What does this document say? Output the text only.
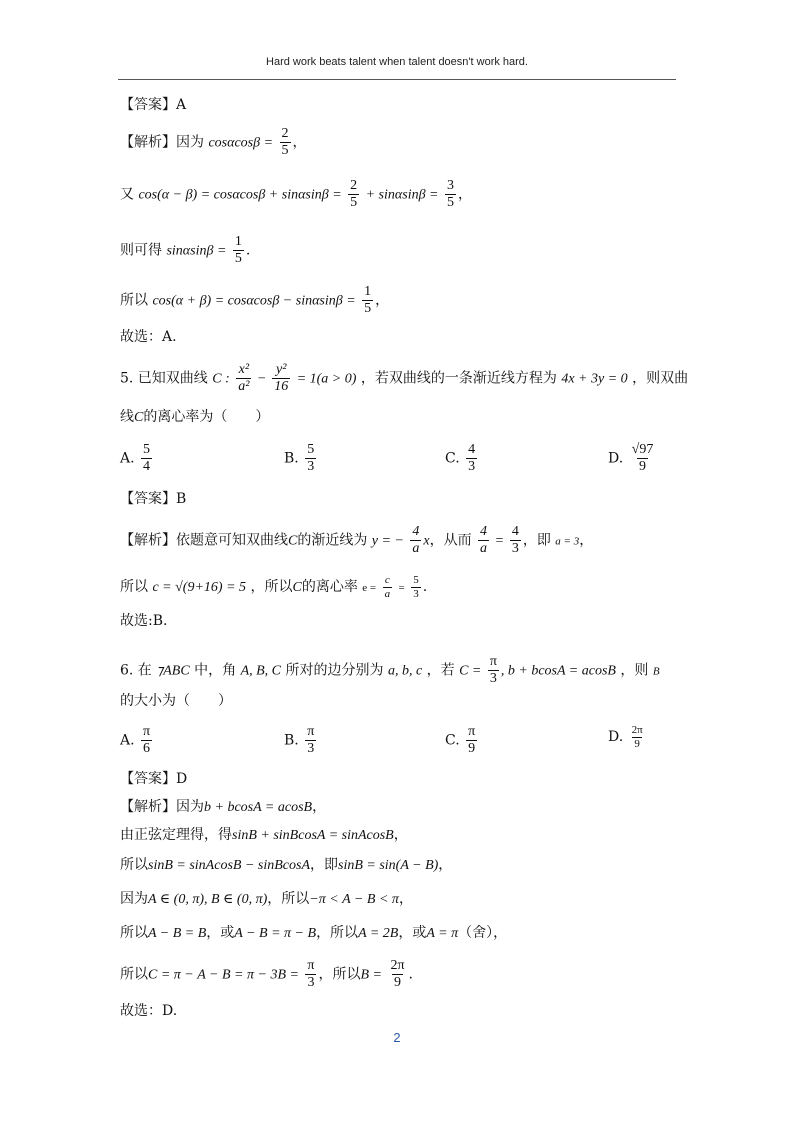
Hard work beats talent when talent doesn't work hard.
【答案】A
【解析】因为 $\cos\alpha\cos\beta = \frac{2}{5}$ ，
又 $\cos(\alpha - \beta) = \cos\alpha\cos\beta + \sin\alpha\sin\beta = \frac{2}{5} + \sin\alpha\sin\beta = \frac{3}{5}$ ，
则可得 $\sin\alpha\sin\beta = \frac{1}{5}$ .
所以 $\cos(\alpha + \beta) = \cos\alpha\cos\beta - \sin\alpha\sin\beta = \frac{1}{5}$ ，
故选：A.
5. 已知双曲线 C : $\frac{\text{x²}}{\text{a²}} - \frac{\text{y²}}{16} = 1(a > 0)$ ，若双曲线的一条渐近线方程为 4x + 3y = 0 ，则双曲
线C的离心率为（　　）
A. $\frac{5}{4}$	B. $\frac{5}{3}$	C. $\frac{4}{3}$	D. $\frac{√97}{9}$
【答案】B
【解析】依题意可知双曲线C的渐近线为 y = − $\frac{4}{a}$ x，从而 $\frac{4}{a} = \frac{4}{3}$ ，即 a = 3，
所以 c = √(9+16) = 5 ，所以C的离心率 $e = \frac{c}{a} = \frac{5}{3}$ .
故选:B.
6. 在 ⁊ABC 中，角 A, B, C 所对的边分别为 a, b, c ，若 $C = \frac{\pi}{3}$ , b + bcosA = acosB ，则 B
的大小为（　　）
A. $\frac{\pi}{6}$	B. $\frac{\pi}{3}$	C. $\frac{\pi}{9}$	D. $\frac{2\pi}{9}$
【答案】D
【解析】因为b + bcosA = acosB，
由正弦定理得，得sinB + sinBcosA = sinAcosB，
所以sinB = sinAcosB − sinBcosA，即sinB = sin(A − B)，
因为A ∈ (0, π), B ∈ (0, π)，所以−π < A − B < π，
所以A − B = B，或A − B = π − B，所以A = 2B，或A = π（舍），
所以$C = \pi - A - B = \pi - 3B = \frac{\pi}{3}$ ，所以$B = \frac{2\pi}{9}$ .
故选：D.
2
